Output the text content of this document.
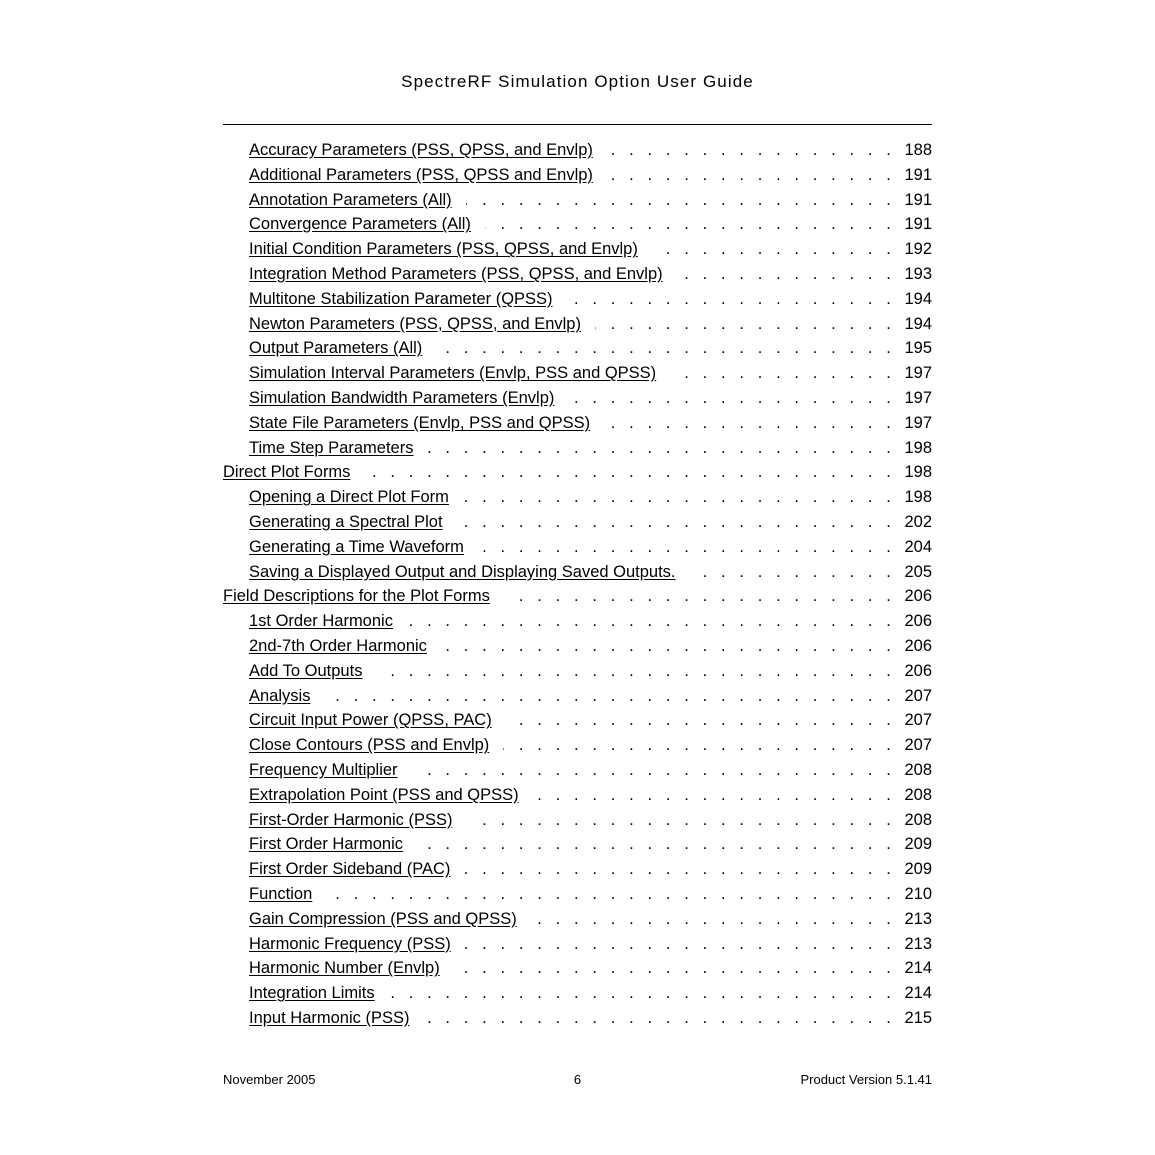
SpectreRF Simulation Option User Guide
Accuracy Parameters (PSS, QPSS, and Envlp) . . .	188
Additional Parameters (PSS, QPSS and Envlp) . . .	191
Annotation Parameters (All) . . .	191
Convergence Parameters (All) . . .	191
Initial Condition Parameters (PSS, QPSS, and Envlp) . . .	192
Integration Method Parameters (PSS, QPSS, and Envlp) . . .	193
Multitone Stabilization Parameter (QPSS) . . .	194
Newton Parameters (PSS, QPSS, and Envlp) . . .	194
Output Parameters (All) . . .	195
Simulation Interval Parameters (Envlp, PSS and QPSS) . . .	197
Simulation Bandwidth Parameters (Envlp) . . .	197
State File Parameters (Envlp, PSS and QPSS) . . .	197
Time Step Parameters . . .	198
Direct Plot Forms . . .	198
Opening a Direct Plot Form . . .	198
Generating a Spectral Plot . . .	202
Generating a Time Waveform . . .	204
Saving a Displayed Output and Displaying Saved Outputs. . . .	205
Field Descriptions for the Plot Forms . . .	206
1st Order Harmonic . . .	206
2nd-7th Order Harmonic . . .	206
Add To Outputs . . .	206
Analysis . . .	207
Circuit Input Power (QPSS, PAC) . . .	207
Close Contours (PSS and Envlp) . . .	207
Frequency Multiplier . . .	208
Extrapolation Point (PSS and QPSS) . . .	208
First-Order Harmonic (PSS) . . .	208
First Order Harmonic . . .	209
First Order Sideband (PAC) . . .	209
Function . . .	210
Gain Compression (PSS and QPSS) . . .	213
Harmonic Frequency (PSS) . . .	213
Harmonic Number (Envlp) . . .	214
Integration Limits . . .	214
Input Harmonic (PSS) . . .	215
November 2005	6	Product Version 5.1.41
